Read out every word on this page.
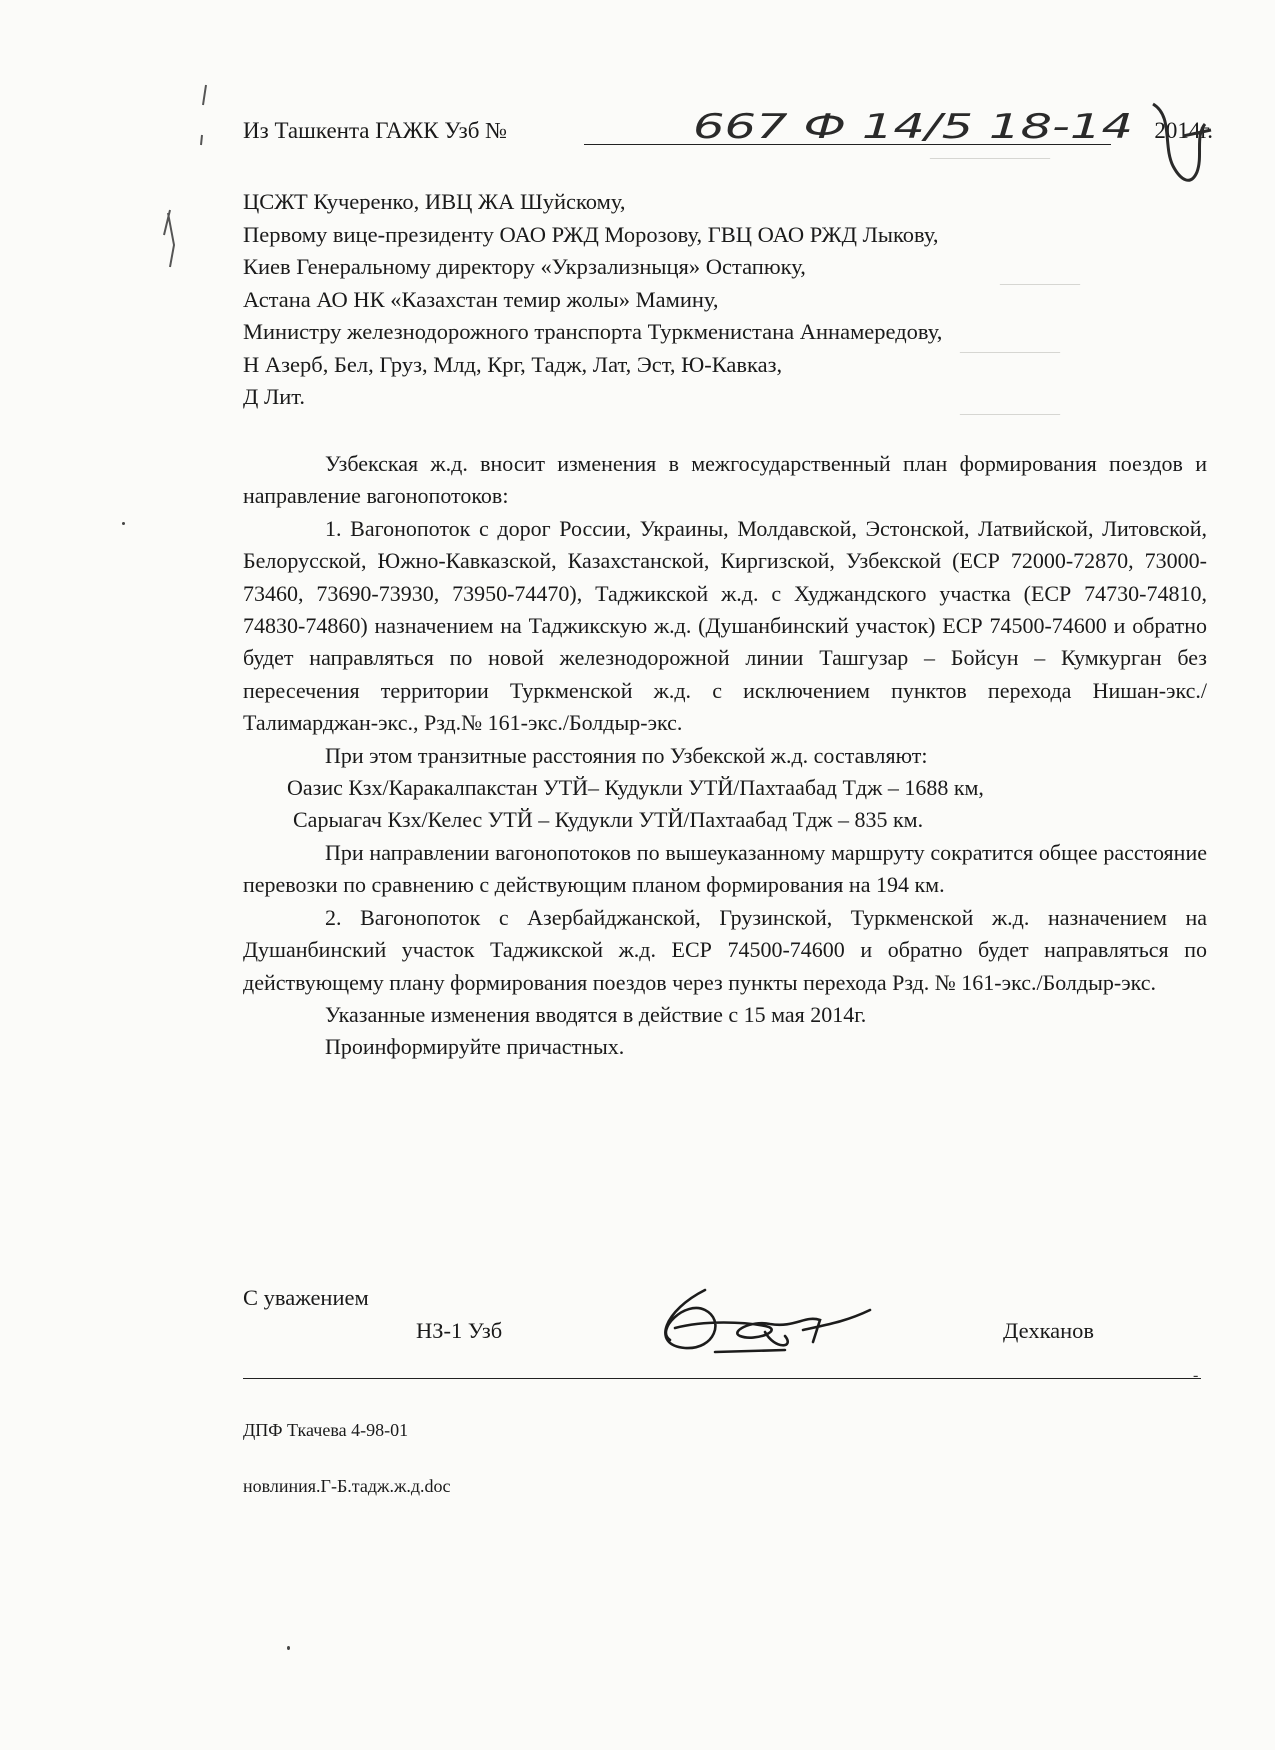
——————
————
—————
—————
Из Ташкента ГАЖК Узб №	2014г.
667 Ф 14/5 18-14
ЦСЖТ Кучеренко, ИВЦ ЖА Шуйскому,
Первому вице-президенту ОАО РЖД Морозову, ГВЦ ОАО РЖД Лыкову,
Киев Генеральному директору «Укрзализныця» Остапюку,
Астана АО НК «Казахстан темир жолы» Мамину,
Министру железнодорожного транспорта Туркменистана Аннамередову,
Н Азерб, Бел, Груз, Млд, Крг, Тадж, Лат, Эст, Ю-Кавказ,
Д Лит.

Узбекская ж.д. вносит изменения в межгосударственный план формирования поездов и направление вагонопотоков:

1. Вагонопоток с дорог России, Украины, Молдавской, Эстонской, Латвийской, Литовской, Белорусской, Южно-Кавказской, Казахстанской, Киргизской, Узбекской (ЕСР 72000-72870, 73000-73460, 73690-73930, 73950-74470), Таджикской ж.д. с Худжандского участка (ЕСР 74730-74810, 74830-74860) назначением на Таджикскую ж.д. (Душанбинский участок) ЕСР 74500-74600 и обратно будет направляться по новой железнодорожной линии Ташгузар – Бойсун – Кумкурган без пересечения территории Туркменской ж.д. с исключением пунктов перехода Нишан-экс./Талимарджан-экс., Рзд.№ 161-экс./Болдыр-экс.

При этом транзитные расстояния по Узбекской ж.д. составляют:

Оазис Кзх/Каракалпакстан УТЙ– Кудукли УТЙ/Пахтаабад Тдж – 1688 км,

Сарыагач Кзх/Келес УТЙ – Кудукли УТЙ/Пахтаабад Тдж – 835 км.

При направлении вагонопотоков по вышеуказанному маршруту сократится общее расстояние перевозки по сравнению с действующим планом формирования на 194 км.

2. Вагонопоток с Азербайджанской, Грузинской, Туркменской ж.д. назначением на Душанбинский участок Таджикской ж.д. ЕСР 74500-74600 и обратно будет направляться по действующему плану формирования поездов через пункты перехода Рзд. № 161-экс./Болдыр-экс.

Указанные изменения вводятся в действие с 15 мая 2014г.

Проинформируйте причастных.

С уважением
НЗ-1 Узб	Дехканов
-
ДПФ Ткачева 4-98-01
новлиния.Г-Б.тадж.ж.д.doc
